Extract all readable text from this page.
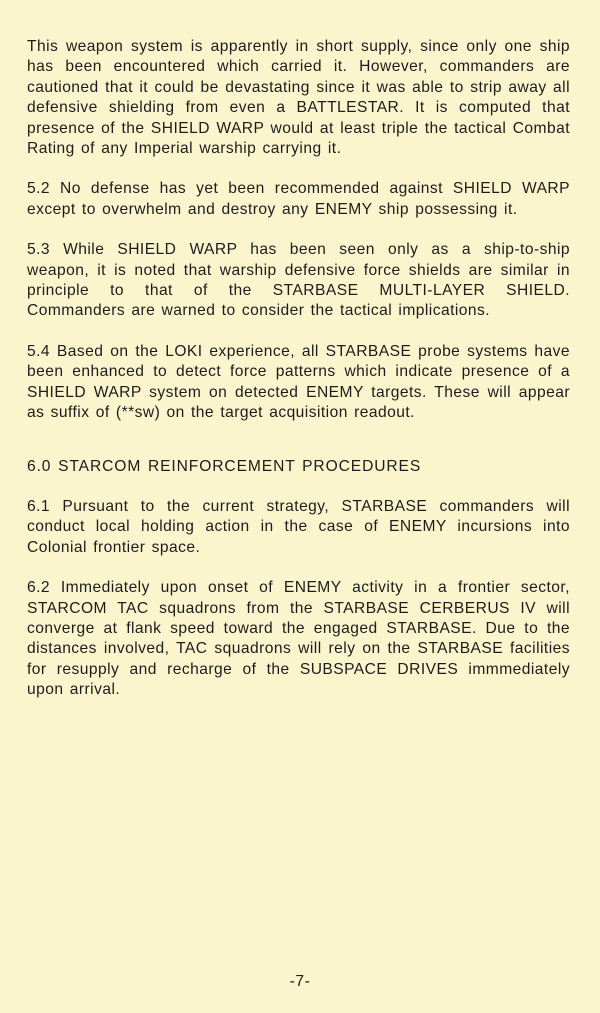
This weapon system is apparently in short supply, since only one ship has been encountered which carried it. However, commanders are cautioned that it could be devastating since it was able to strip away all defensive shielding from even a BATTLESTAR. It is computed that presence of the SHIELD WARP would at least triple the tactical Combat Rating of any Imperial warship carrying it.

5.2 No defense has yet been recommended against SHIELD WARP except to overwhelm and destroy any ENEMY ship possessing it.

5.3 While SHIELD WARP has been seen only as a ship-to-ship weapon, it is noted that warship defensive force shields are similar in principle to that of the STARBASE MULTI-LAYER SHIELD. Commanders are warned to consider the tactical implications.

5.4 Based on the LOKI experience, all STARBASE probe systems have been enhanced to detect force patterns which indicate presence of a SHIELD WARP system on detected ENEMY targets. These will appear as suffix of (**sw) on the target acquisition readout.

6.0 STARCOM REINFORCEMENT PROCEDURES

6.1 Pursuant to the current strategy, STARBASE commanders will conduct local holding action in the case of ENEMY incursions into Colonial frontier space.

6.2 Immediately upon onset of ENEMY activity in a frontier sector, STARCOM TAC squadrons from the STARBASE CERBERUS IV will converge at flank speed toward the engaged STARBASE. Due to the distances involved, TAC squadrons will rely on the STARBASE facilities for resupply and recharge of the SUBSPACE DRIVES immmediately upon arrival.

-7-
